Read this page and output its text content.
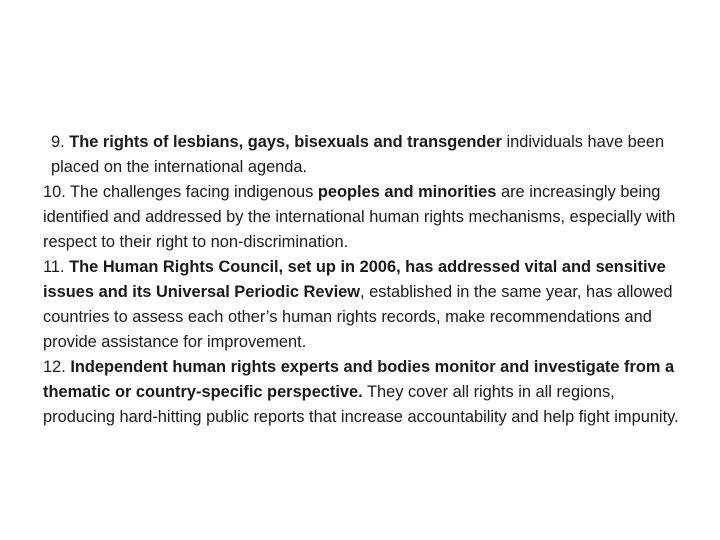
9. The rights of lesbians, gays, bisexuals and transgender individuals have been placed on the international agenda.

10. The challenges facing indigenous peoples and minorities are increasingly being identified and addressed by the international human rights mechanisms, especially with respect to their right to non-discrimination.

11. The Human Rights Council, set up in 2006, has addressed vital and sensitive issues and its Universal Periodic Review, established in the same year, has allowed countries to assess each other’s human rights records, make recommendations and provide assistance for improvement.

12. Independent human rights experts and bodies monitor and investigate from a thematic or country-specific perspective. They cover all rights in all regions, producing hard-hitting public reports that increase accountability and help fight impunity.
